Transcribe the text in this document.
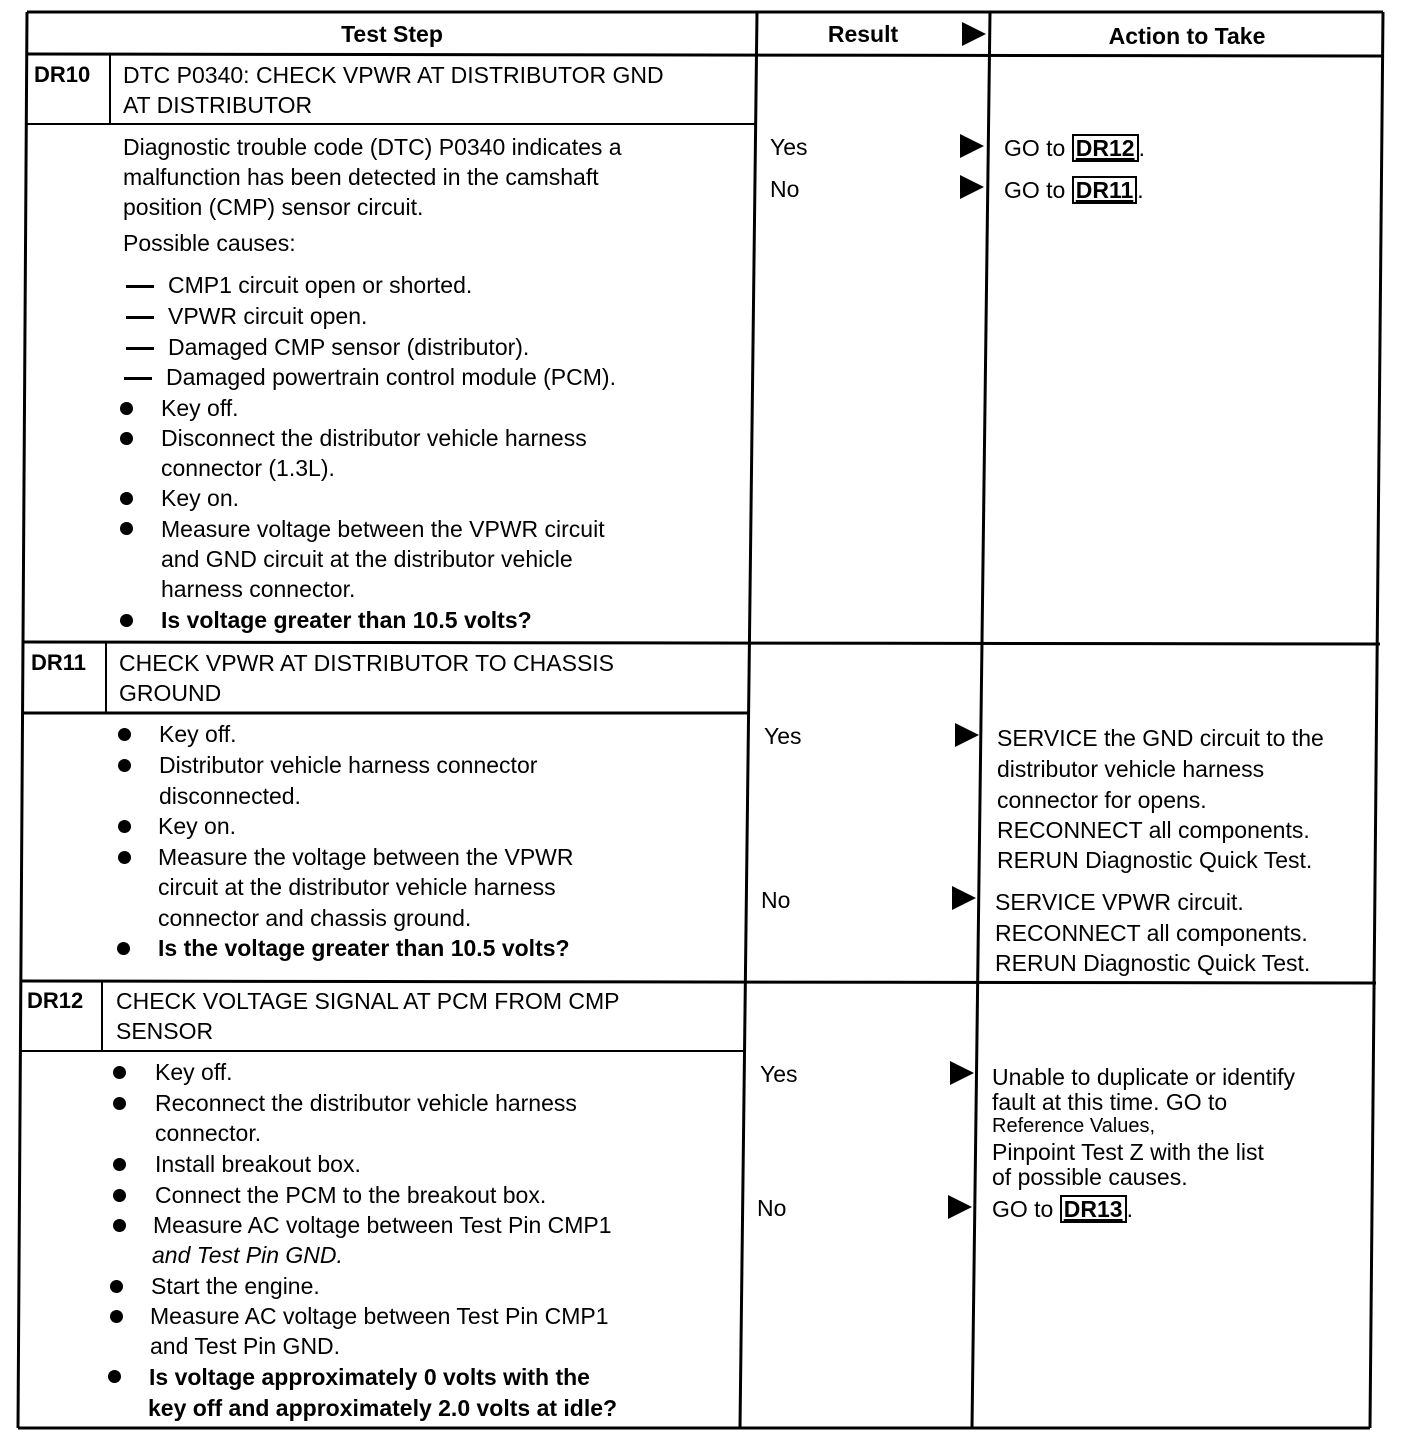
Test Step	Result	Action to Take
DR10 DTC P0340: CHECK VPWR AT DISTRIBUTOR GND
AT DISTRIBUTOR
Diagnostic trouble code (DTC) P0340 indicates a
malfunction has been detected in the camshaft
position (CMP) sensor circuit.
Possible causes:
CMP1 circuit open or shorted.
VPWR circuit open.
Damaged CMP sensor (distributor).
Damaged powertrain control module (PCM).
Key off.
Disconnect the distributor vehicle harness
connector (1.3L).
Key on.
Measure voltage between the VPWR circuit
and GND circuit at the distributor vehicle
harness connector.
Is voltage greater than 10.5 volts?
Yes
No
GO to DR12 .
GO to DR11 .
DR11 CHECK VPWR AT DISTRIBUTOR TO CHASSIS
GROUND
Key off.
Distributor vehicle harness connector
disconnected.
Key on.
Measure the voltage between the VPWR
circuit at the distributor vehicle harness
connector and chassis ground.
Is the voltage greater than 10.5 volts?
Yes
No
SERVICE the GND circuit to the
distributor vehicle harness
connector for opens.
RECONNECT all components.
RERUN Diagnostic Quick Test.
SERVICE VPWR circuit.
RECONNECT all components.
RERUN Diagnostic Quick Test.
DR12 CHECK VOLTAGE SIGNAL AT PCM FROM CMP
SENSOR
Key off.
Reconnect the distributor vehicle harness
connector.
Install breakout box.
Connect the PCM to the breakout box.
Measure AC voltage between Test Pin CMP1
and Test Pin GND.
Start the engine.
Measure AC voltage between Test Pin CMP1
and Test Pin GND.
Is voltage approximately 0 volts with the
key off and approximately 2.0 volts at idle?
Yes
No
Unable to duplicate or identify
fault at this time. GO to
Reference Values,
Pinpoint Test Z with the list
of possible causes.
GO to DR13 .
